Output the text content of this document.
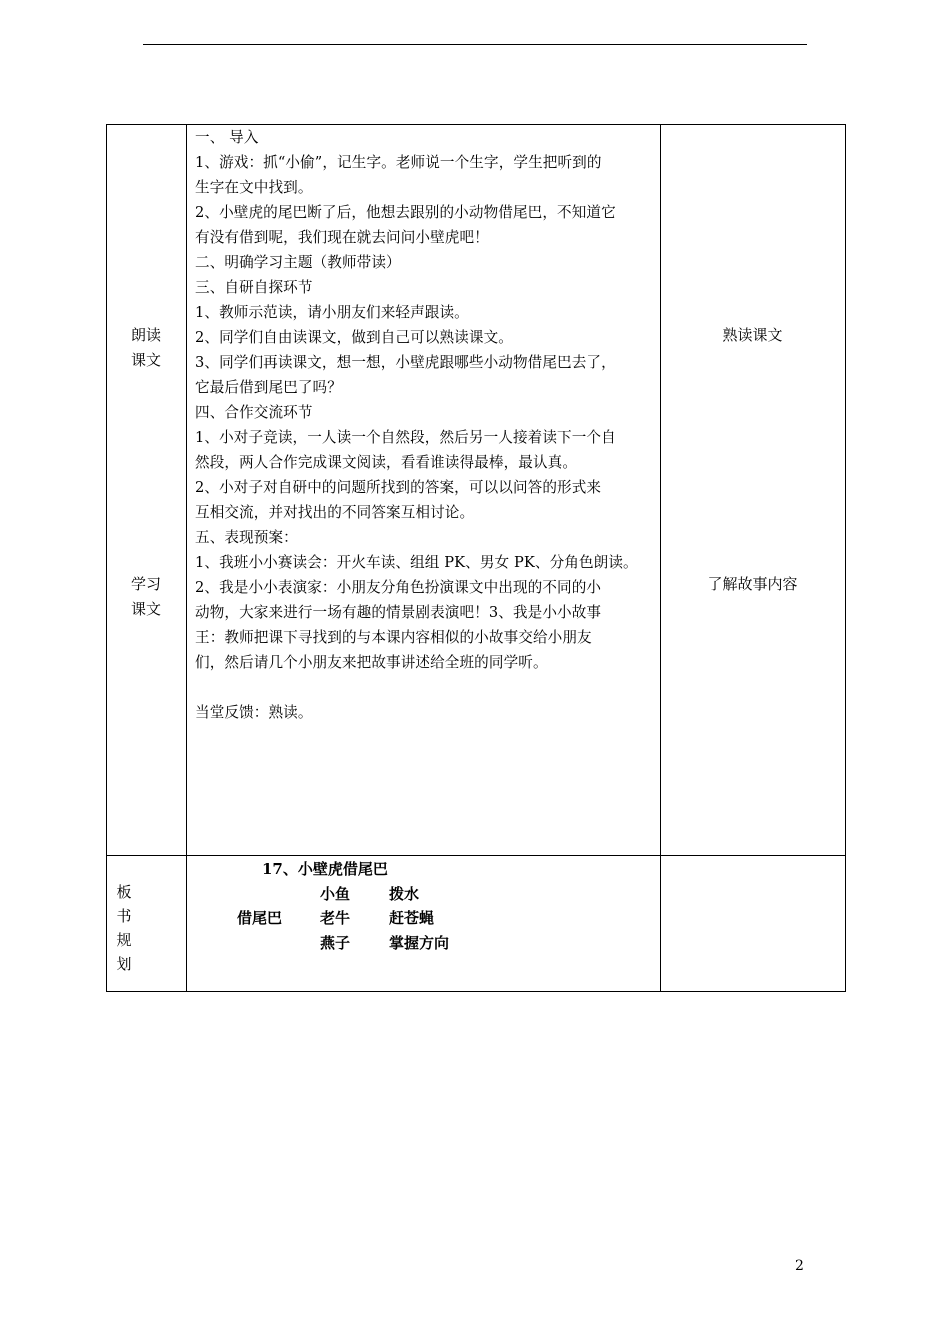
朗读
课文
学习
课文
一、 导入
1、游戏：抓“小偷”，记生字。老师说一个生字，学生把听到的
生字在文中找到。
2、小壁虎的尾巴断了后，他想去跟别的小动物借尾巴，不知道它
有没有借到呢，我们现在就去问问小壁虎吧！
二、明确学习主题（教师带读）
三、自研自探环节
1、教师示范读，请小朋友们来轻声跟读。
2、同学们自由读课文，做到自己可以熟读课文。
3、同学们再读课文，想一想，小壁虎跟哪些小动物借尾巴去了，
它最后借到尾巴了吗？
四、合作交流环节
1、小对子竞读，一人读一个自然段，然后另一人接着读下一个自
然段，两人合作完成课文阅读，看看谁读得最棒，最认真。
2、小对子对自研中的问题所找到的答案，可以以问答的形式来
互相交流，并对找出的不同答案互相讨论。
五、表现预案：
1、我班小小赛读会：开火车读、组组 PK、男女 PK、分角色朗读。
2、我是小小表演家：小朋友分角色扮演课文中出现的不同的小
动物，大家来进行一场有趣的情景剧表演吧！3、我是小小故事
王：教师把课下寻找到的与本课内容相似的小故事交给小朋友
们，然后请几个小朋友来把故事讲述给全班的同学听。
当堂反馈：熟读。
熟读课文
了解故事内容
板
书
规
划
17、小壁虎借尾巴
借尾巴
小鱼
老牛
燕子
拨水
赶苍蝇
掌握方向
2
